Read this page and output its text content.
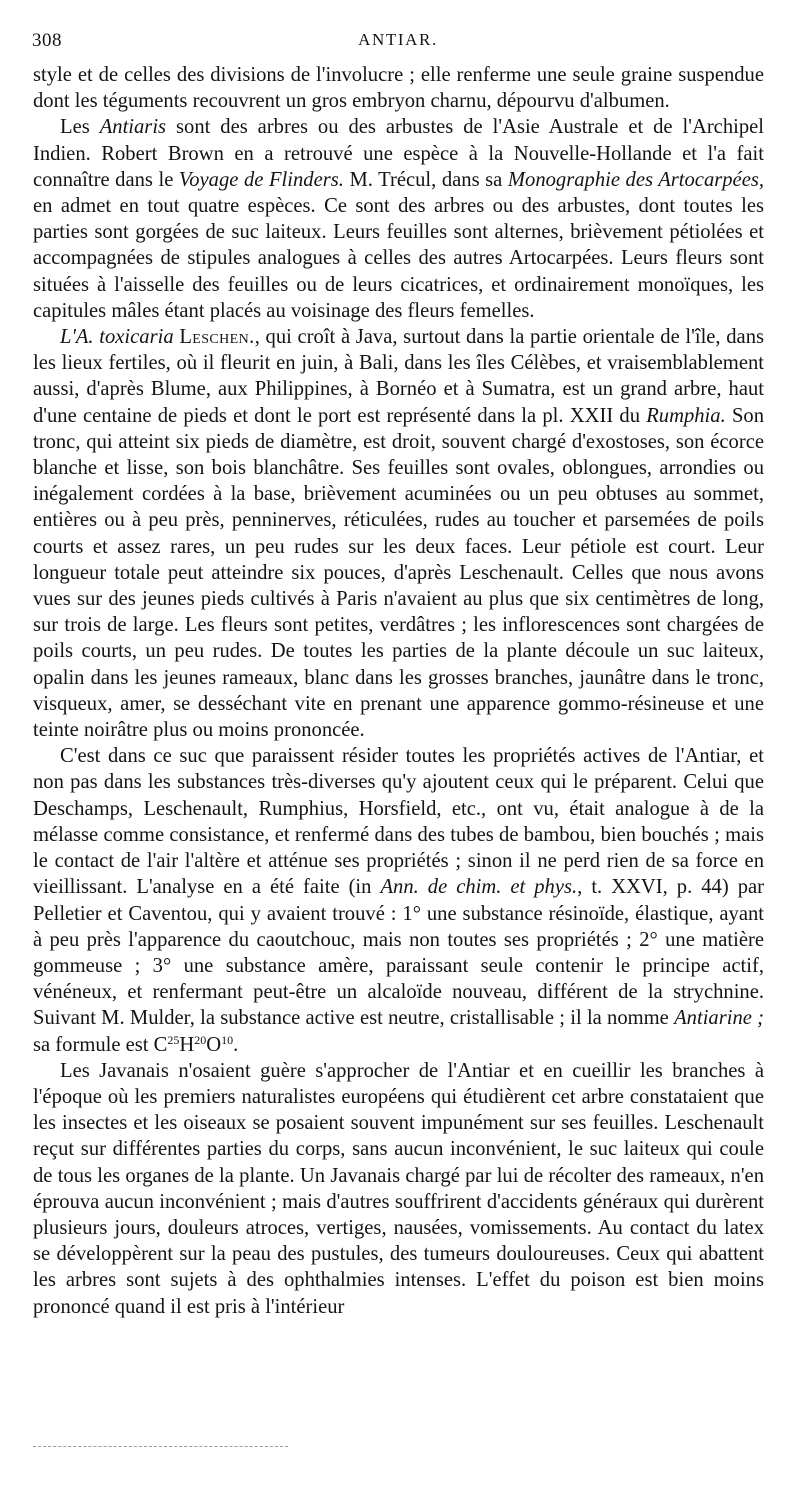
308	ANTIAR.

style et de celles des divisions de l'involucre ; elle renferme une seule graine suspendue dont les téguments recouvrent un gros embryon charnu, dépourvu d'albumen.

Les Antiaris sont des arbres ou des arbustes de l'Asie Australe et de l'Archipel Indien. Robert Brown en a retrouvé une espèce à la Nouvelle-Hollande et l'a fait connaître dans le Voyage de Flinders. M. Trécul, dans sa Monographie des Artocarpées, en admet en tout quatre espèces. Ce sont des arbres ou des arbustes, dont toutes les parties sont gorgées de suc laiteux. Leurs feuilles sont alternes, brièvement pétiolées et accompagnées de stipules analogues à celles des autres Artocarpées. Leurs fleurs sont situées à l'aisselle des feuilles ou de leurs cicatrices, et ordinairement monoïques, les capitules mâles étant placés au voisinage des fleurs femelles.

L'A. toxicaria Leschen., qui croît à Java, surtout dans la partie orientale de l'île, dans les lieux fertiles, où il fleurit en juin, à Bali, dans les îles Célèbes, et vraisemblablement aussi, d'après Blume, aux Philippines, à Bornéo et à Sumatra, est un grand arbre, haut d'une centaine de pieds et dont le port est représenté dans la pl. XXII du Rumphia. Son tronc, qui atteint six pieds de diamètre, est droit, souvent chargé d'exostoses, son écorce blanche et lisse, son bois blanchâtre. Ses feuilles sont ovales, oblongues, arrondies ou inégalement cordées à la base, brièvement acuminées ou un peu obtuses au sommet, entières ou à peu près, penninerves, réticulées, rudes au toucher et parsemées de poils courts et assez rares, un peu rudes sur les deux faces. Leur pétiole est court. Leur longueur totale peut atteindre six pouces, d'après Leschenault. Celles que nous avons vues sur des jeunes pieds cultivés à Paris n'avaient au plus que six centimètres de long, sur trois de large. Les fleurs sont petites, verdâtres ; les inflorescences sont chargées de poils courts, un peu rudes. De toutes les parties de la plante découle un suc laiteux, opalin dans les jeunes rameaux, blanc dans les grosses branches, jaunâtre dans le tronc, visqueux, amer, se desséchant vite en prenant une apparence gommo-résineuse et une teinte noirâtre plus ou moins prononcée.

C'est dans ce suc que paraissent résider toutes les propriétés actives de l'Antiar, et non pas dans les substances très-diverses qu'y ajoutent ceux qui le préparent. Celui que Deschamps, Leschenault, Rumphius, Horsfield, etc., ont vu, était analogue à de la mélasse comme consistance, et renfermé dans des tubes de bambou, bien bouchés ; mais le contact de l'air l'altère et atténue ses propriétés ; sinon il ne perd rien de sa force en vieillissant. L'analyse en a été faite (in Ann. de chim. et phys., t. XXVI, p. 44) par Pelletier et Caventou, qui y avaient trouvé : 1° une substance résinoïde, élastique, ayant à peu près l'apparence du caoutchouc, mais non toutes ses propriétés ; 2° une matière gommeuse ; 3° une substance amère, paraissant seule contenir le principe actif, vénéneux, et renfermant peut-être un alcaloïde nouveau, différent de la strychnine. Suivant M. Mulder, la substance active est neutre, cristallisable ; il la nomme Antiarine ; sa formule est $C^{25}H^{20}O^{10}$.

Les Javanais n'osaient guère s'approcher de l'Antiar et en cueillir les branches à l'époque où les premiers naturalistes européens qui étudièrent cet arbre constataient que les insectes et les oiseaux se posaient souvent impunément sur ses feuilles. Leschenault reçut sur différentes parties du corps, sans aucun inconvénient, le suc laiteux qui coule de tous les organes de la plante. Un Javanais chargé par lui de récolter des rameaux, n'en éprouva aucun inconvénient ; mais d'autres souffrirent d'accidents généraux qui durèrent plusieurs jours, douleurs atroces, vertiges, nausées, vomissements. Au contact du latex se développèrent sur la peau des pustules, des tumeurs douloureuses. Ceux qui abattent les arbres sont sujets à des ophthalmies intenses. L'effet du poison est bien moins prononcé quand il est pris à l'intérieur
